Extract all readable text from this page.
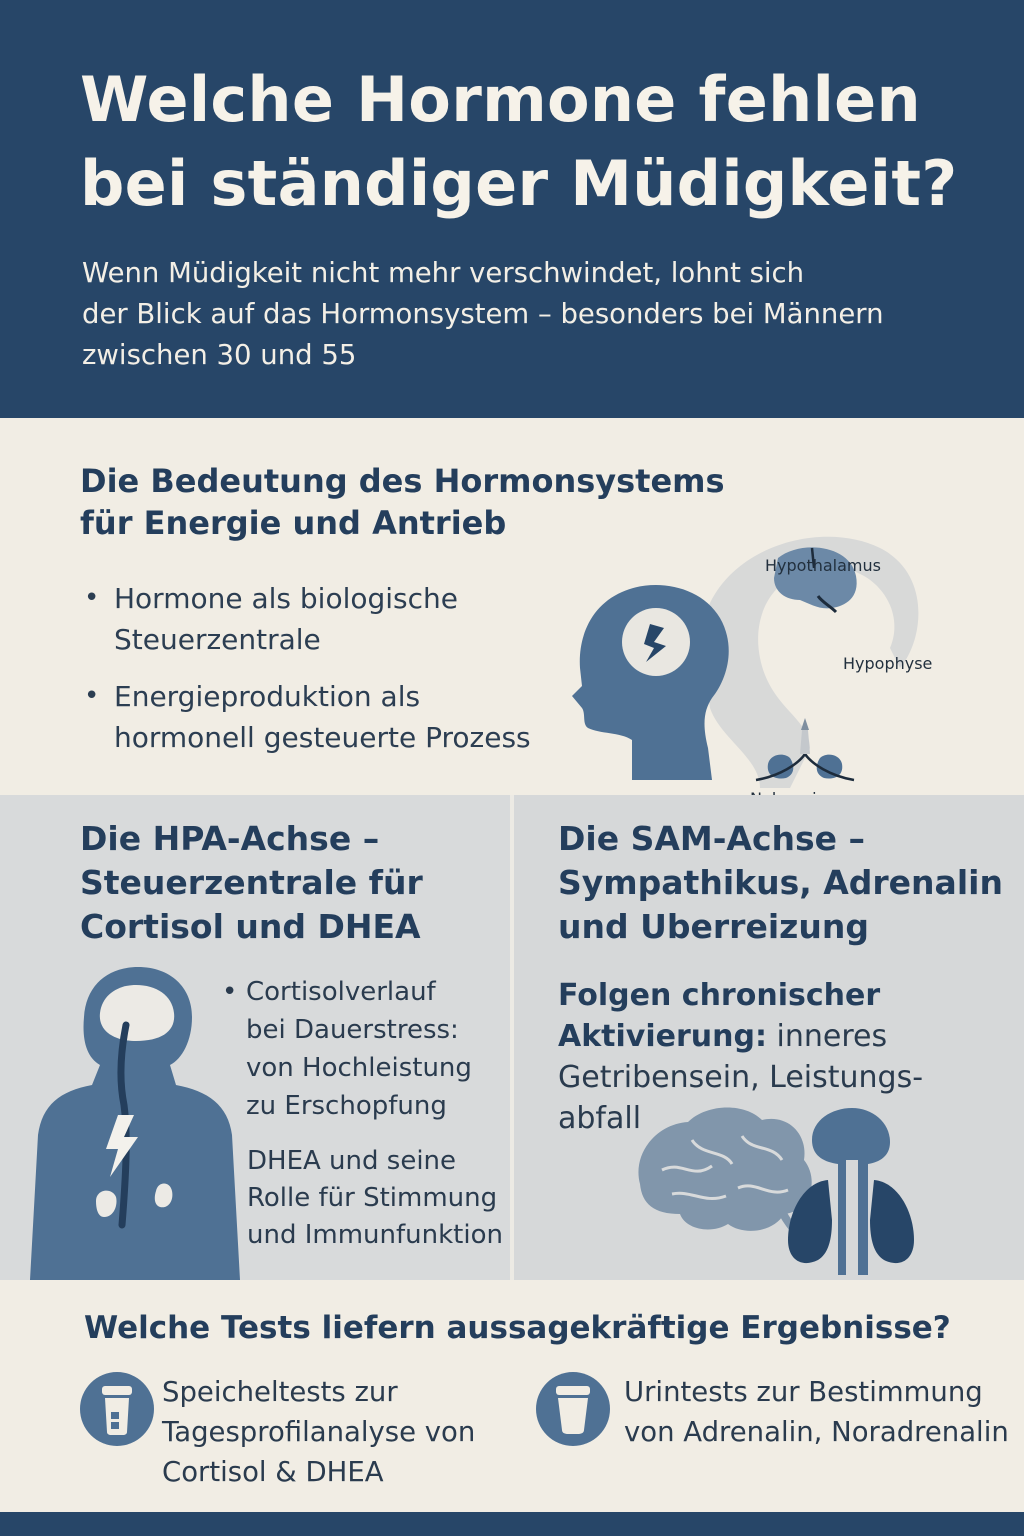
Welche Hormone fehlen
bei ständiger Müdigkeit?
Wenn Müdigkeit nicht mehr verschwindet, lohnt sich
der Blick auf das Hormonsystem – besonders bei Männern
zwischen 30 und 55
Die Bedeutung des Hormonsystems
für Energie und Antrieb
• Hormone als biologische
Steuerzentrale
• Energieproduktion als
hormonell gesteuerte Prozess
Hypothalamus
Hypophyse
Die HPA-Achse –
Steuerzentrale für
Cortisol und DHEA
• Cortisolverlauf
bei Dauerstress:
von Hochleistung
zu Erschopfung
DHEA und seine
Rolle für Stimmung
und Immunfunktion
Die SAM-Achse –
Sympathikus, Adrenalin
und Uberreizung
Folgen chronischer
Aktivierung: inneres
Getribensein, Leistungs-
abfall
Welche Tests liefern aussagekräftige Ergebnisse?
Speicheltests zur
Tagesprofilanalyse von
Cortisol & DHEA
Urintests zur Bestimmung
von Adrenalin, Noradrenalin
